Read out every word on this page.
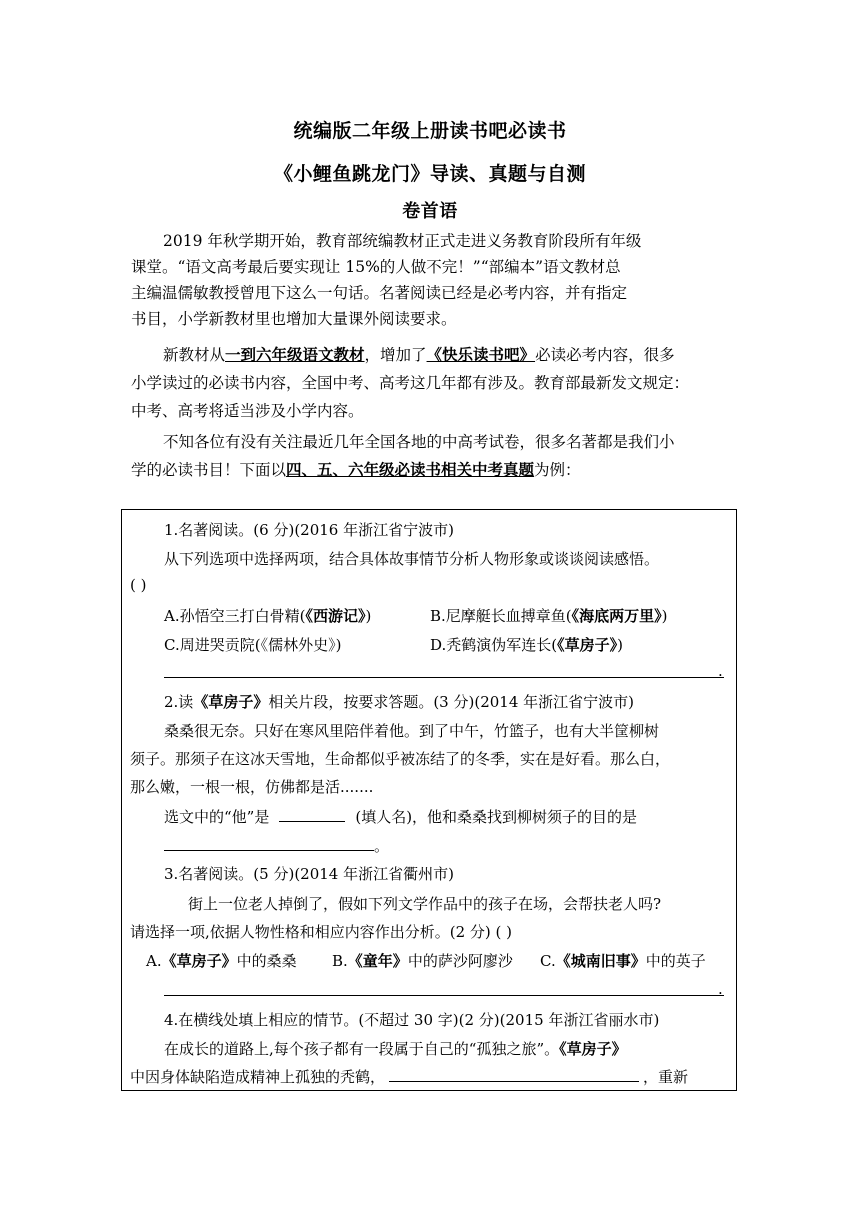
统编版二年级上册读书吧必读书
《小鲤鱼跳龙门》导读、真题与自测
卷首语
2019 年秋学期开始，教育部统编教材正式走进义务教育阶段所有年级
课堂。“语文高考最后要实现让 15%的人做不完！”“部编本”语文教材总
主编温儒敏教授曾甩下这么一句话。名著阅读已经是必考内容，并有指定
书目，小学新教材里也增加大量课外阅读要求。
新教材从一到六年级语文教材，增加了《快乐读书吧》必读必考内容，很多
小学读过的必读书内容，全国中考、高考这几年都有涉及。教育部最新发文规定：
中考、高考将适当涉及小学内容。
不知各位有没有关注最近几年全国各地的中高考试卷，很多名著都是我们小
学的必读书目！下面以四、五、六年级必读书相关中考真题为例：
1.名著阅读。(6 分)(2016 年浙江省宁波市)
从下列选项中选择两项，结合具体故事情节分析人物形象或谈谈阅读感悟。
( )
A.孙悟空三打白骨精(《西游记》)	B.尼摩艇长血搏章鱼(《海底两万里》)
C.周进哭贡院(《儒林外史》)	D.秃鹤演伪军连长(《草房子》)
.
2.读《草房子》相关片段，按要求答题。(3 分)(2014 年浙江省宁波市)
桑桑很无奈。只好在寒风里陪伴着他。到了中午，竹篮子，也有大半筐柳树
须子。那须子在这冰天雪地，生命都似乎被冻结了的冬季，实在是好看。那么白，
那么嫩，一根一根，仿佛都是活.......
选文中的“他”是	(填人名)，他和桑桑找到柳树须子的目的是
。
3.名著阅读。(5 分)(2014 年浙江省衢州市)
街上一位老人掉倒了，假如下列文学作品中的孩子在场，会帮扶老人吗?
请选择一项,依据人物性格和相应内容作出分析。(2 分) ( )
A.《草房子》中的桑桑 B.《童年》中的萨沙阿廖沙 C.《城南旧事》中的英子
.
4.在横线处填上相应的情节。(不超过 30 字)(2 分)(2015 年浙江省丽水市)
在成长的道路上,每个孩子都有一段属于自己的“孤独之旅”。《草房子》
中因身体缺陷造成精神上孤独的秃鹤，	，重新
